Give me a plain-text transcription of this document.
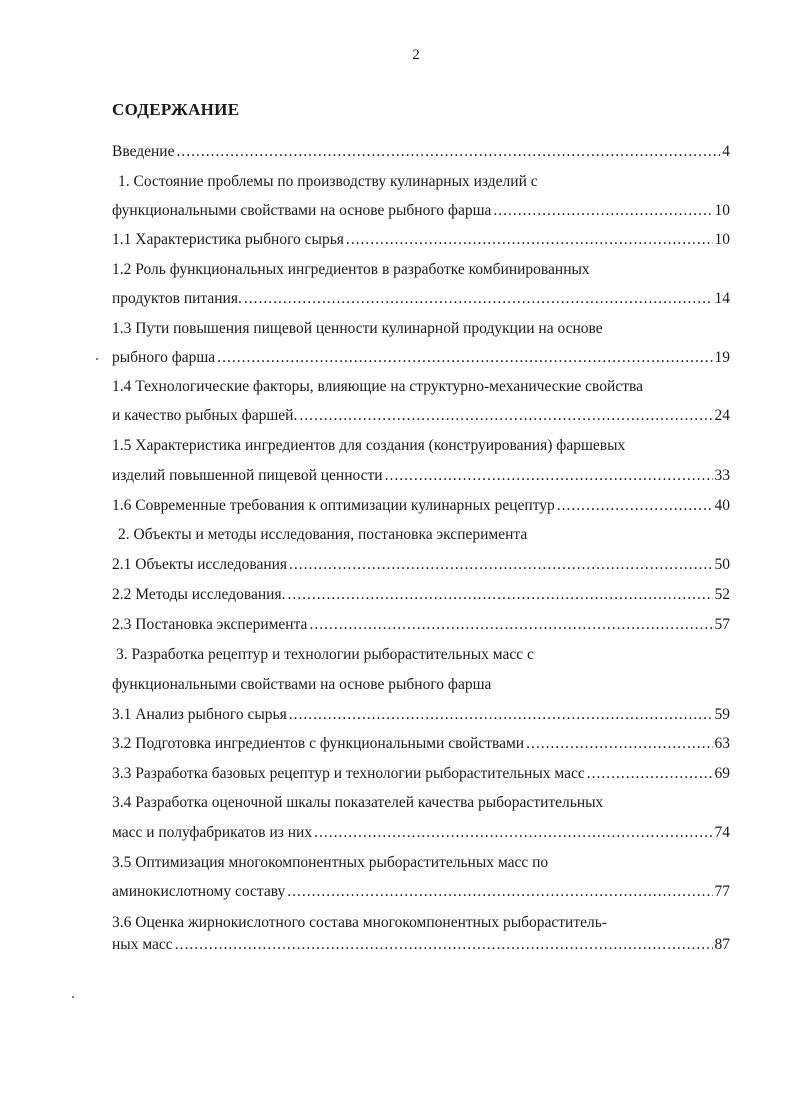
2
СОДЕРЖАНИЕ
Введение .....	4
1. Состояние проблемы по производству кулинарных изделий с
функциональными свойствами на основе рыбного фарша .....	10
1.1 Характеристика рыбного сырья .....	10
1.2 Роль функциональных ингредиентов в разработке комбинированных
продуктов питания. .....	14
1.3 Пути повышения пищевой ценности кулинарной продукции на основе
рыбного фарша .....	19
1.4 Технологические факторы, влияющие на структурно-механические свойства
и качество рыбных фаршей. .....	24
1.5 Характеристика ингредиентов для создания (конструирования) фаршевых
изделий повышенной пищевой ценности .....	33
1.6 Современные требования к оптимизации кулинарных рецептур .....	40
2. Объекты и методы исследования, постановка эксперимента
2.1 Объекты исследования .....	50
2.2 Методы исследования. .....	52
2.3 Постановка эксперимента .....	57
3. Разработка рецептур и технологии рыборастительных масс с
функциональными свойствами на основе рыбного фарша
3.1 Анализ рыбного сырья .....	59
3.2 Подготовка ингредиентов с функциональными свойствами .....	63
3.3 Разработка базовых рецептур и технологии рыборастительных масс .....	69
3.4 Разработка оценочной шкалы показателей качества рыборастительных
масс и полуфабрикатов из них .....	74
3.5 Оптимизация многокомпонентных рыборастительных масс по
аминокислотному составу .....	77
3.6 Оценка жирнокислотного состава многокомпонентных рыбораститель-
ных масс .....	87
